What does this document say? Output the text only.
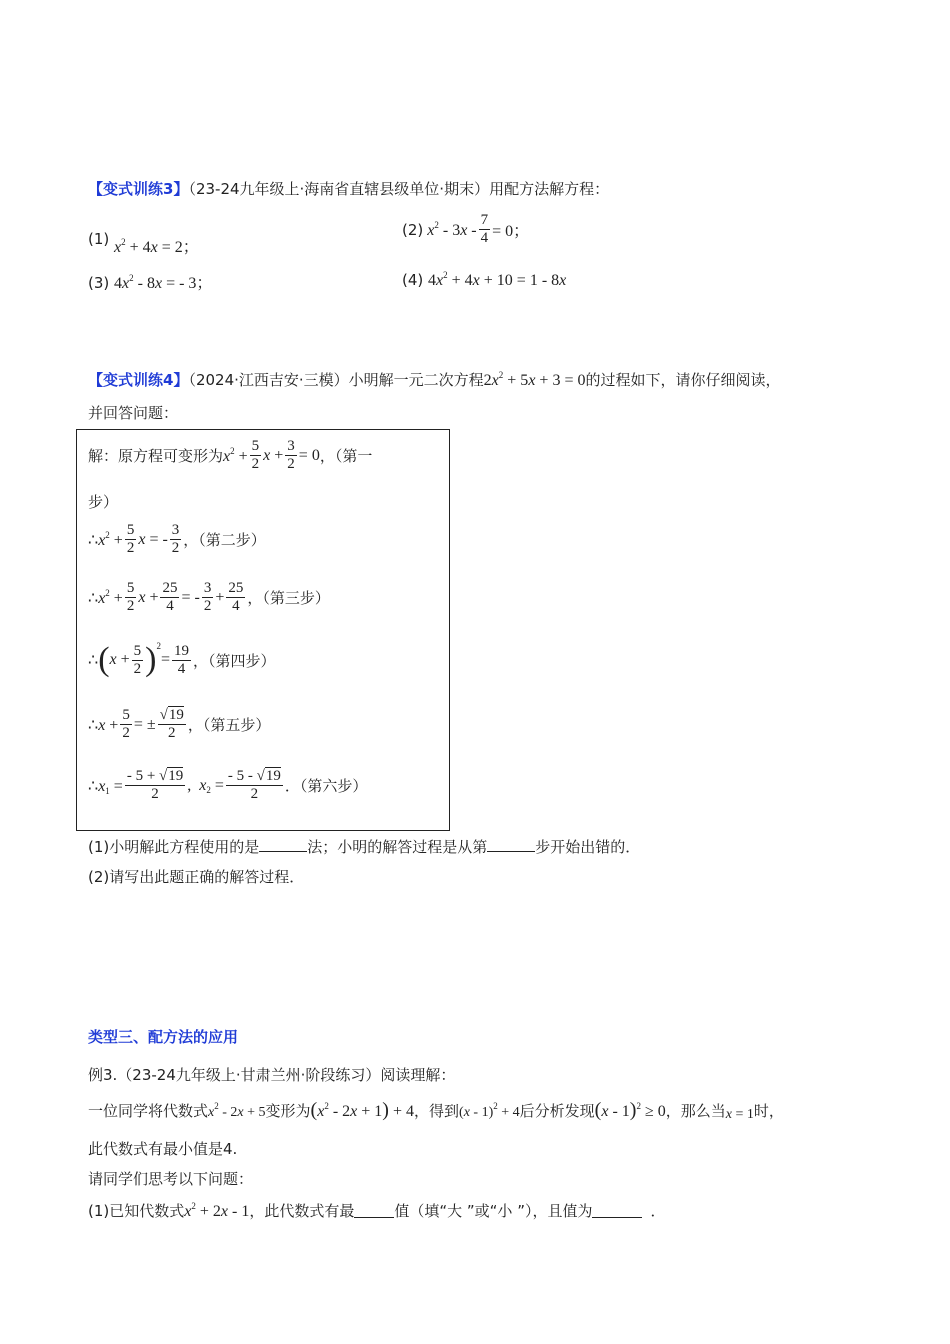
【变式训练3】（23-24九年级上·海南省直辖县级单位·期末）用配方法解方程：
(1) $x^2 + 4x = 2$；
(2) $x^2 - 3x - \frac{7}{4} = 0$；
(3) $4x^2 - 8x$ = - 3；	(4) $4x^2 + 4x + 10 = 1 - 8x$
【变式训练4】（2024·江西吉安·三模）小明解一元二次方程$2x^2 + 5x + 3 = 0$的过程如下，请你仔细阅读，
并回答问题：
解：原方程可变形为 $x^2 + \frac{5}{2}$ $x + \frac{3}{2} = 0$ ，（第一
步）
$\therefore x^2 + \frac{5}{2}$ x = - $\frac{3}{2}$ ，（第二步）
$\therefore x^2 + \frac{5}{2}$ $x + \frac{25}{4}$ = - $\frac{3}{2} + \frac{25}{4}$ ，（第三步）
∴ ( $x + \frac{5}{2}$ ) 2
= $\frac{19}{4}$ ，（第四步）
∴x + $\frac{5}{2}$ = ± $\frac{√19}{2}$ ，（第五步）
$\therefore x_1 = \frac{- 5 + √19}{2}$ ,  $x_2 = \frac{- 5 - √19}{2}$ ．（第六步）
(1)小明解此方程使用的是	法；小明的解答过程是从第	步开始出错的．
(2)请写出此题正确的解答过程．
类型三、配方法的应用
例3.（23-24九年级上·甘肃兰州·阶段练习）阅读理解：
一位同学将代数式 $x^2 - 2x + 5$ 变形为 $(x^2 - 2x + 1) + 4$ ，得到 (x - 1)$^2$ + 4 后分析发现 (x - 1)$^2$ ≥ 0 ，那么当 x = 1 时，
此代数式有最小值是4.
请同学们思考以下问题：
(1)已知代数式 $x^2 + 2x - 1$ ，此代数式有最	值（填“大 ”或“小 ”），且值为	．
